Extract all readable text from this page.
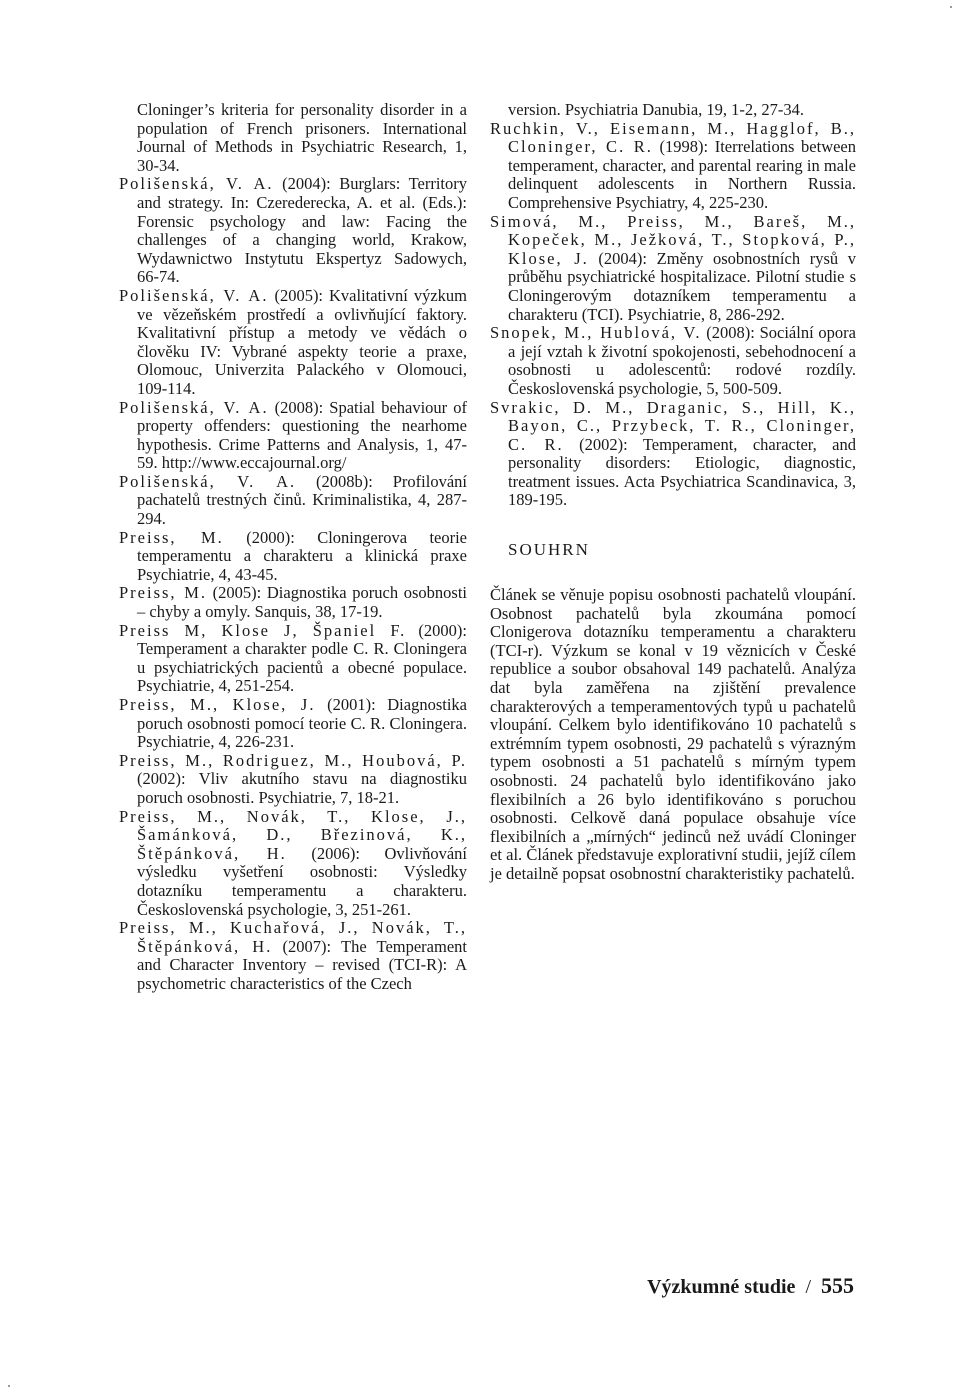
Cloninger’s kriteria for personality disorder in a population of French prisoners. International Journal of Methods in Psychiatric Research, 1, 30-34.

Polišenská, V. A. (2004): Burglars: Territory and strategy. In: Czerederecka, A. et al. (Eds.): Forensic psychology and law: Facing the challenges of a changing world, Krakow, Wydawnictwo Instytutu Ekspertyz Sadowych, 66-74.

Polišenská, V. A. (2005): Kvalitativní výzkum ve vězeňském prostředí a ovlivňující faktory. Kvalitativní přístup a metody ve vědách o člověku IV: Vybrané aspekty teorie a praxe, Olomouc, Univerzita Palackého v Olomouci, 109-114.

Polišenská, V. A. (2008): Spatial behaviour of property offenders: questioning the nearhome hypothesis. Crime Patterns and Analysis, 1, 47-59. http://www.eccajournal.org/

Polišenská, V. A. (2008b): Profilování pachatelů trestných činů. Kriminalistika, 4, 287-294.

Preiss, M. (2000): Cloningerova teorie temperamentu a charakteru a klinická praxe Psychiatrie, 4, 43-45.

Preiss, M. (2005): Diagnostika poruch osobnosti – chyby a omyly. Sanquis, 38, 17-19.

Preiss M, Klose J, Španiel F. (2000): Temperament a charakter podle C. R. Cloningera u psychiatrických pacientů a obecné populace. Psychiatrie, 4, 251-254.

Preiss, M., Klose, J. (2001): Diagnostika poruch osobnosti pomocí teorie C. R. Cloningera. Psychiatrie, 4, 226-231.

Preiss, M., Rodriguez, M., Houbová, P. (2002): Vliv akutního stavu na diagnostiku poruch osobnosti. Psychiatrie, 7, 18-21.

Preiss, M., Novák, T., Klose, J., Šamánková, D., Březinová, K., Štěpánková, H. (2006): Ovlivňování výsledku vyšetření osobnosti: Výsledky dotazníku temperamentu a charakteru. Československá psychologie, 3, 251-261.

Preiss, M., Kuchařová, J., Novák, T., Štěpánková, H. (2007): The Temperament and Character Inventory – revised (TCI-R): A psychometric characteristics of the Czech

version. Psychiatria Danubia, 19, 1-2, 27-34.

Ruchkin, V., Eisemann, M., Hagglof, B., Cloninger, C. R. (1998): Iterrelations between temperament, character, and parental rearing in male delinquent adolescents in Northern Russia. Comprehensive Psychiatry, 4, 225-230.

Simová, M., Preiss, M., Bareš, M., Kopeček, M., Ježková, T., Stopková, P., Klose, J. (2004): Změny osobnostních rysů v průběhu psychiatrické hospitalizace. Pilotní studie s Cloningerovým dotazníkem temperamentu a charakteru (TCI). Psychiatrie, 8, 286-292.

Snopek, M., Hublová, V. (2008): Sociální opora a její vztah k životní spokojenosti, sebehodnocení a osobnosti u adolescentů: rodové rozdíly. Československá psychologie, 5, 500-509.

Svrakic, D. M., Draganic, S., Hill, K., Bayon, C., Przybeck, T. R., Cloninger, C. R. (2002): Temperament, character, and personality disorders: Etiologic, diagnostic, treatment issues. Acta Psychiatrica Scandinavica, 3, 189-195.

SOUHRN

Článek se věnuje popisu osobnosti pachatelů vloupání. Osobnost pachatelů byla zkoumána pomocí Clonigerova dotazníku temperamentu a charakteru (TCI-r). Výzkum se konal v 19 věznicích v České republice a soubor obsahoval 149 pachatelů. Analýza dat byla zaměřena na zjištění prevalence charakterových a temperamentových typů u pachatelů vloupání. Celkem bylo identifikováno 10 pachatelů s extrémním typem osobnosti, 29 pachatelů s výrazným typem osobnosti a 51 pachatelů s mírným typem osobnosti. 24 pachatelů bylo identifikováno jako flexibilních a 26 bylo identifikováno s poruchou osobnosti. Celkově daná populace obsahuje více flexibilních a „mírných“ jedinců než uvádí Cloninger et al. Článek představuje explorativní studii, jejíž cílem je detailně popsat osobnostní charakteristiky pachatelů.

Výzkumné studie / 555
